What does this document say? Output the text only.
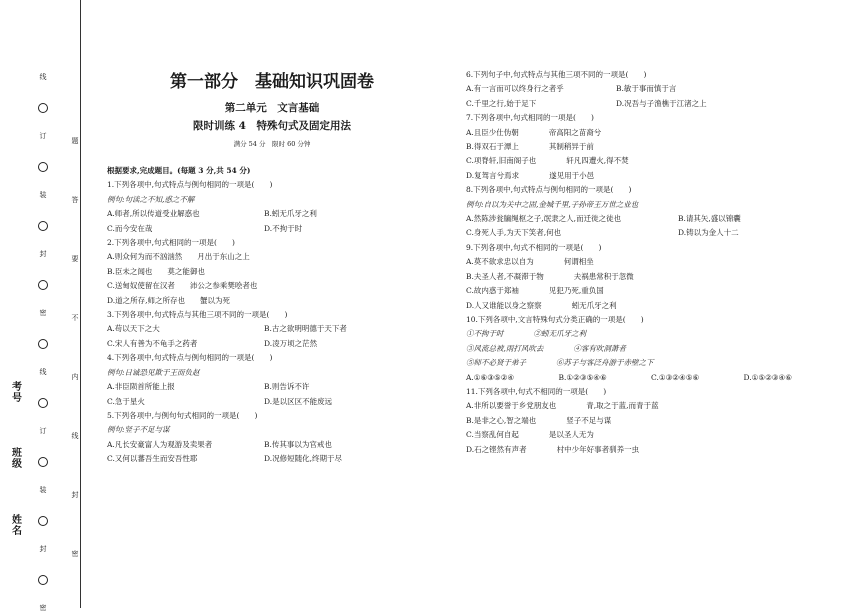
线
订
装
封
密
线
订
装
封
密
题
答
要
不
内
线
封
密
考号
班级
姓名
第一部分　基础知识巩固卷
第二单元　文言基础
限时训练 4　特殊句式及固定用法
满分 54 分　限时 60 分钟
根据要求,完成题目。(每题 3 分,共 54 分)
1.下列各项中,句式特点与例句相同的一项是(　　)
例句:句读之不知,惑之不解
A.师者,所以传道受业解惑也	B.蚓无爪牙之利
C.而今安在哉	D.不拘于时
2.下列各项中,句式相同的一项是(　　)
A.则众何为而不汹汹然　　月出于东山之上
B.臣未之闻也　　莫之能御也
C.送甸奴使留在汉者　　沛公之参乘樊哙者也
D.道之所存,师之所存也　　蟹以为死
3.下列各项中,句式特点与其他三项不同的一项是(　　)
A.苟以天下之大	B.古之欲明明德于天下者
C.宋人有善为不龟手之药者	D.凌万顷之茫然
4.下列各项中,句式特点与例句相同的一项是(　　)
例句:日诚恐见欺于王而负赵
A.非臣陨首所能上报	B.则告诉不许
C.急于星火	D.是以区区不能废远
5.下列各项中,与例句句式相同的一项是(　　)
例句:竖子不足与谋
A.凡长安豪富人为观游及卖果者	B.传其事以为官戒也
C.又何以蕃吾生而安吾性耶	D.况修短随化,终期于尽
6.下列句子中,句式特点与其他三项不同的一项是(　　)
A.有一言而可以终身行之者乎	B.敏于事而慎于言
C.千里之行,始于足下	D.况吾与子渔樵于江渚之上
7.下列各项中,句式相同的一项是(　　)
A.且臣少仕伪朝　　　　帝高阳之苗裔兮
B.得双石于潭上　　　　其制稍异于前
C.项脊轩,旧南阁子也　　　　轩凡四遭火,得不焚
D.复驾言兮焉求　　　　遂见用于小邑
8.下列各项中,句式特点与例句相同的一项是(　　)
例句:自以为关中之固,金城千里,子孙帝王万世之业也
A.然陈涉瓮牖绳枢之子,氓隶之人,而迁徙之徒也	B.请其矢,盛以锦囊
C.身死人手,为天下笑者,何也	D.铸以为金人十二
9.下列各项中,句式不相同的一项是(　　)
A.莫不欲求忠以自为　　　　何谓相坐
B.夫圣人者,不凝滞于物　　　　夫祸患常积于忽微
C.故内惑于郑袖　　　　见犯乃死,重负国
D.人又谁能以身之察察　　　　蚓无爪牙之利
10.下列各项中,文言特殊句式分类正确的一项是(　　)
①不拘于时　　　　②蚓无爪牙之利
③风流总被,雨打风吹去　　　　④客有吹洞萧者
⑤师不必贤于弟子　　　　⑥苏子与客泛舟游于赤壁之下
A.①⑥③⑤②④	B.①②③⑤④⑥	C.①③②④⑤⑥	D.①⑤②③④⑥
11.下列各项中,句式不相同的一项是(　　)
A.非所以要誉于乡党朋友也　　　　青,取之于蓝,而青于蓝
B.是非之心,智之端也　　　　竖子不足与谋
C.当察乱何自起　　　　是以圣人无为
D.石之铿然有声者　　　　村中少年好事者驯养一虫
